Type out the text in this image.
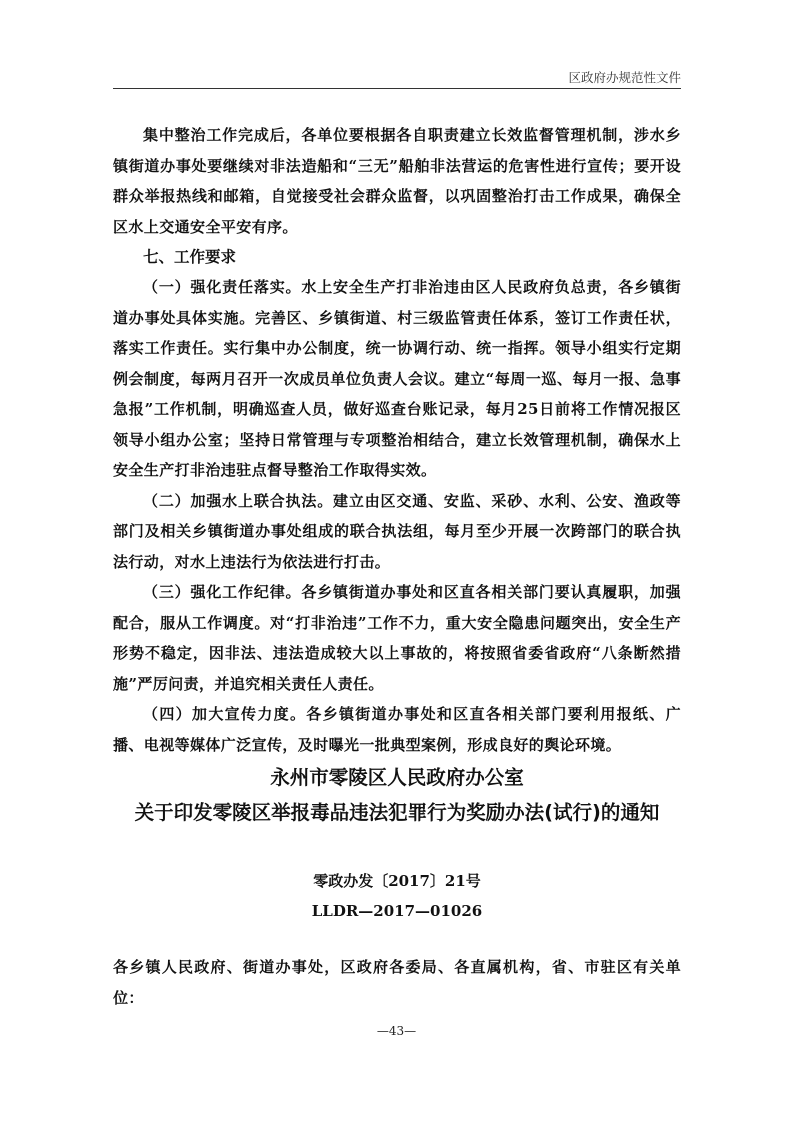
区政府办规范性文件

集中整治工作完成后，各单位要根据各自职责建立长效监督管理机制，涉水乡镇街道办事处要继续对非法造船和“三无”船舶非法营运的危害性进行宣传；要开设群众举报热线和邮箱，自觉接受社会群众监督，以巩固整治打击工作成果，确保全区水上交通安全平安有序。

七、工作要求

（一）强化责任落实。水上安全生产打非治违由区人民政府负总责，各乡镇街道办事处具体实施。完善区、乡镇街道、村三级监管责任体系，签订工作责任状，落实工作责任。实行集中办公制度，统一协调行动、统一指挥。领导小组实行定期例会制度，每两月召开一次成员单位负责人会议。建立“每周一巡、每月一报、急事急报”工作机制，明确巡查人员，做好巡查台账记录，每月25日前将工作情况报区领导小组办公室；坚持日常管理与专项整治相结合，建立长效管理机制，确保水上安全生产打非治违驻点督导整治工作取得实效。

（二）加强水上联合执法。建立由区交通、安监、采砂、水利、公安、渔政等部门及相关乡镇街道办事处组成的联合执法组，每月至少开展一次跨部门的联合执法行动，对水上违法行为依法进行打击。

（三）强化工作纪律。各乡镇街道办事处和区直各相关部门要认真履职，加强配合，服从工作调度。对“打非治违”工作不力，重大安全隐患问题突出，安全生产形势不稳定，因非法、违法造成较大以上事故的，将按照省委省政府“八条断然措施”严厉问责，并追究相关责任人责任。

（四）加大宣传力度。各乡镇街道办事处和区直各相关部门要利用报纸、广播、电视等媒体广泛宣传，及时曝光一批典型案例，形成良好的舆论环境。

永州市零陵区人民政府办公室

关于印发零陵区举报毒品违法犯罪行为奖励办法(试行)的通知

零政办发〔2017〕21号
LLDR—2017—01026

各乡镇人民政府、街道办事处，区政府各委局、各直属机构，省、市驻区有关单位：

—43—
